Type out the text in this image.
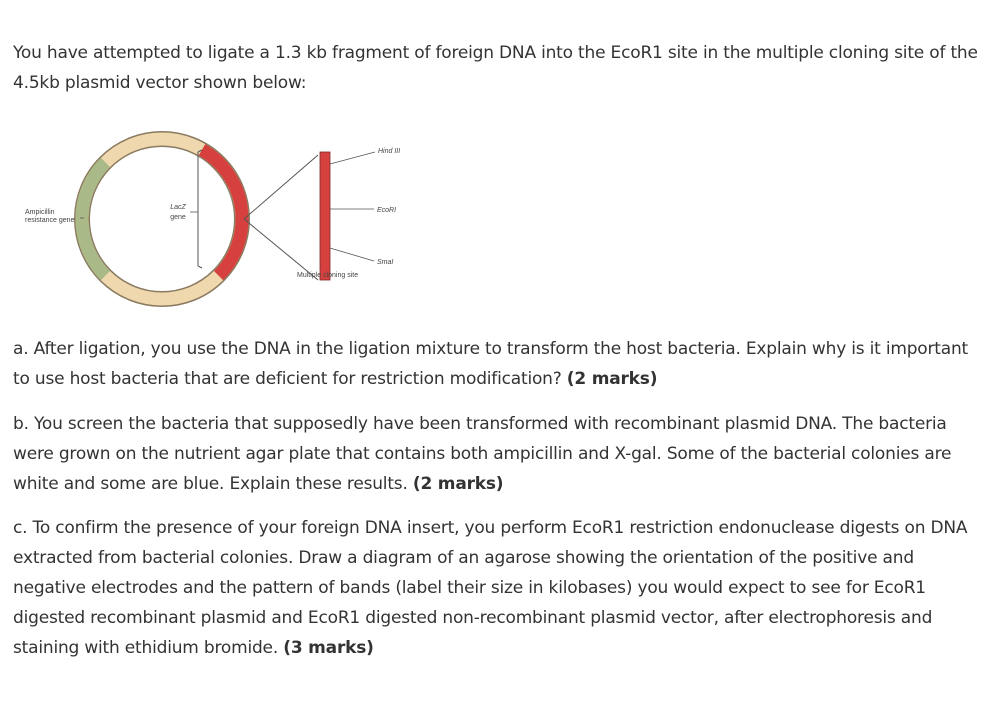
You have attempted to ligate a 1.3 kb fragment of foreign DNA into the EcoR1 site in the multiple cloning site of the 4.5kb plasmid vector shown below:

LacZ
gene
Ampicillin
resistance gene
Hind III
EcoRI
SmaI
Multiple cloning site

a. After ligation, you use the DNA in the ligation mixture to transform the host bacteria. Explain why is it important to use host bacteria that are deficient for restriction modification? (2 marks)

b. You screen the bacteria that supposedly have been transformed with recombinant plasmid DNA. The bacteria were grown on the nutrient agar plate that contains both ampicillin and X-gal. Some of the bacterial colonies are white and some are blue. Explain these results. (2 marks)

c. To confirm the presence of your foreign DNA insert, you perform EcoR1 restriction endonuclease digests on DNA extracted from bacterial colonies. Draw a diagram of an agarose showing the orientation of the positive and negative electrodes and the pattern of bands (label their size in kilobases) you would expect to see for EcoR1 digested recombinant plasmid and EcoR1 digested non-recombinant plasmid vector, after electrophoresis and staining with ethidium bromide. (3 marks)
